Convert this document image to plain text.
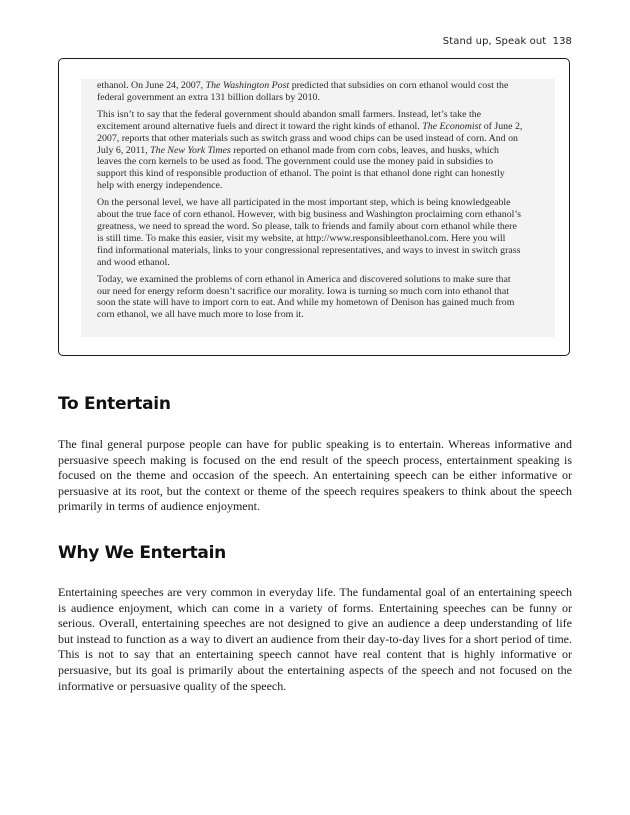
Stand up, Speak out 138

ethanol. On June 24, 2007, The Washington Post predicted that subsidies on corn ethanol would cost the federal government an extra 131 billion dollars by 2010.

This isn’t to say that the federal government should abandon small farmers. Instead, let’s take the excitement around alternative fuels and direct it toward the right kinds of ethanol. The Economist of June 2, 2007, reports that other materials such as switch grass and wood chips can be used instead of corn. And on July 6, 2011, The New York Times reported on ethanol made from corn cobs, leaves, and husks, which leaves the corn kernels to be used as food. The government could use the money paid in subsidies to support this kind of responsible production of ethanol. The point is that ethanol done right can honestly help with energy independence.

On the personal level, we have all participated in the most important step, which is being knowledgeable about the true face of corn ethanol. However, with big business and Washington proclaiming corn ethanol’s greatness, we need to spread the word. So please, talk to friends and family about corn ethanol while there is still time. To make this easier, visit my website, at http://www.responsibleethanol.com. Here you will find informational materials, links to your congressional representatives, and ways to invest in switch grass and wood ethanol.

Today, we examined the problems of corn ethanol in America and discovered solutions to make sure that our need for energy reform doesn’t sacrifice our morality. Iowa is turning so much corn into ethanol that soon the state will have to import corn to eat. And while my hometown of Denison has gained much from corn ethanol, we all have much more to lose from it.

To Entertain

The final general purpose people can have for public speaking is to entertain. Whereas informative and persuasive speech making is focused on the end result of the speech process, entertainment speaking is focused on the theme and occasion of the speech. An entertaining speech can be either informative or persuasive at its root, but the context or theme of the speech requires speakers to think about the speech primarily in terms of audience enjoyment.

Why We Entertain

Entertaining speeches are very common in everyday life. The fundamental goal of an entertaining speech is audience enjoyment, which can come in a variety of forms. Entertaining speeches can be funny or serious. Overall, entertaining speeches are not designed to give an audience a deep understanding of life but instead to function as a way to divert an audience from their day-to-day lives for a short period of time. This is not to say that an entertaining speech cannot have real content that is highly informative or persuasive, but its goal is primarily about the entertaining aspects of the speech and not focused on the informative or persuasive quality of the speech.
